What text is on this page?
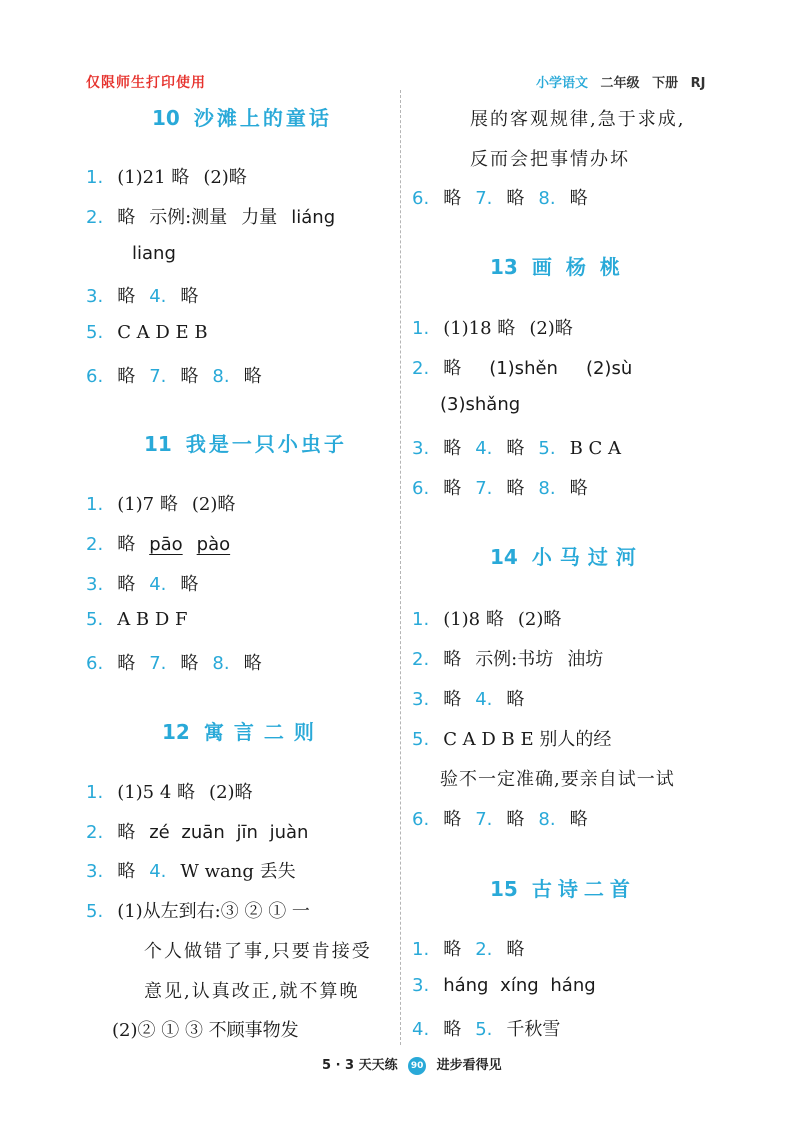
仅限师生打印使用	小学语文 二年级 下册 RJ
10 沙滩上的童话
1. (1)21 略 (2)略
2. 略 示例:测量 力量 liáng
liang
3. 略 4. 略
5. C A D E B
6. 略 7. 略 8. 略
11 我是一只小虫子
1. (1)7 略 (2)略
2. 略 pāo pào
3. 略 4. 略
5. A B D F
6. 略 7. 略 8. 略
12 寓言二则
1. (1)5 4 略 (2)略
2. 略 zé zuān jīn juàn
3. 略 4. W wang 丢失
5. (1)从左到右:③ ② ① 一
个人做错了事,只要肯接受
意见,认真改正,就不算晚
(2)② ① ③ 不顾事物发
展的客观规律,急于求成,
反而会把事情办坏
6. 略 7. 略 8. 略
13 画杨桃
1. (1)18 略 (2)略
2. 略 (1)shěn (2)sù
(3)shǎng
3. 略 4. 略 5. B C A
6. 略 7. 略 8. 略
14 小马过河
1. (1)8 略 (2)略
2. 略 示例:书坊 油坊
3. 略 4. 略
5. C A D B E 别人的经
验不一定准确,要亲自试一试
6. 略 7. 略 8. 略
15 古诗二首
1. 略 2. 略
3. háng xíng háng
4. 略 5. 千秋雪
5 · 3 天天练 90 进步看得见
